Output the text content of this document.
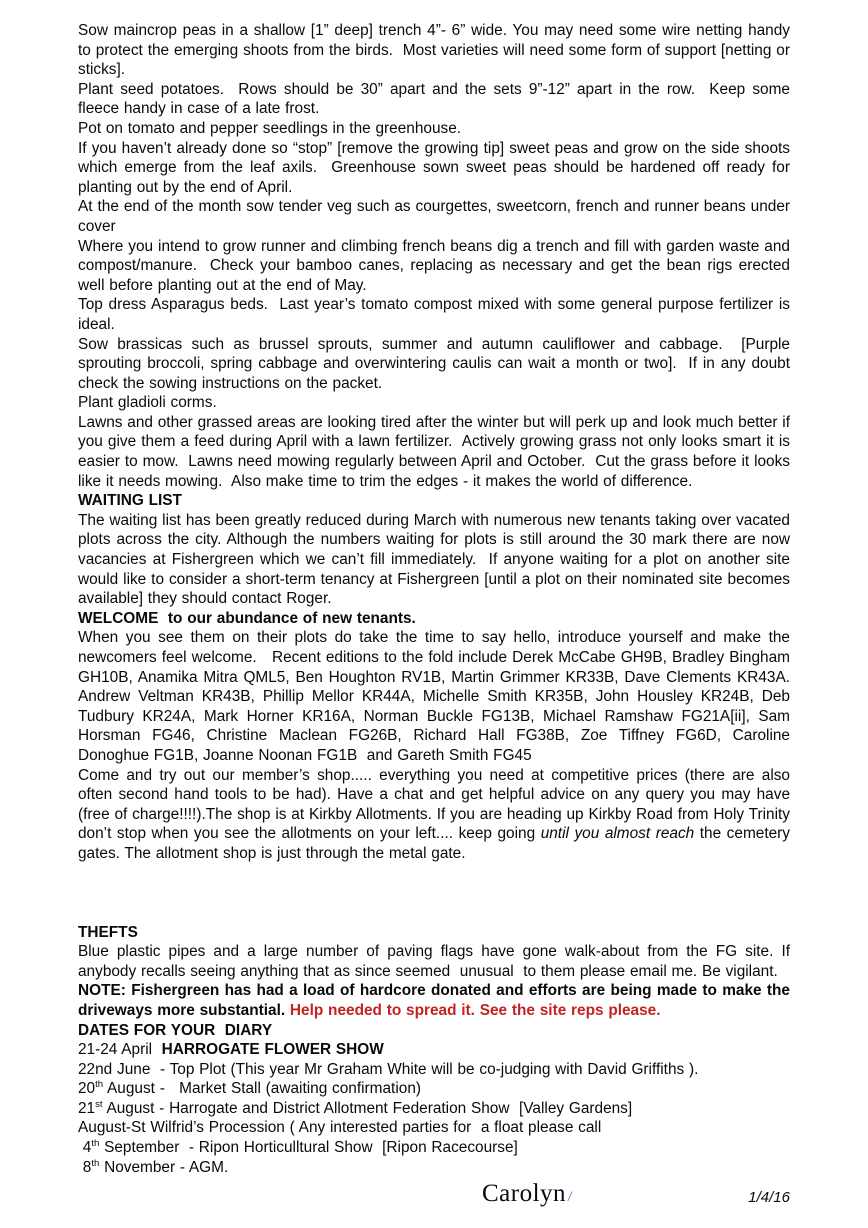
Sow maincrop peas in a shallow [1” deep] trench 4”- 6” wide. You may need some wire netting handy to protect the emerging shoots from the birds.  Most varieties will need some form of support [netting or sticks].
Plant seed potatoes.  Rows should be 30” apart and the sets 9”-12” apart in the row.  Keep some fleece handy in case of a late frost.
Pot on tomato and pepper seedlings in the greenhouse.
If you haven’t already done so “stop” [remove the growing tip] sweet peas and grow on the side shoots which emerge from the leaf axils.  Greenhouse sown sweet peas should be hardened off ready for planting out by the end of April.
At the end of the month sow tender veg such as courgettes, sweetcorn, french and runner beans under cover
Where you intend to grow runner and climbing french beans dig a trench and fill with garden waste and compost/manure.  Check your bamboo canes, replacing as necessary and get the bean rigs erected well before planting out at the end of May.
Top dress Asparagus beds.  Last year’s tomato compost mixed with some general purpose fertilizer is ideal.
Sow brassicas such as brussel sprouts, summer and autumn cauliflower and cabbage.  [Purple sprouting broccoli, spring cabbage and overwintering caulis can wait a month or two].  If in any doubt check the sowing instructions on the packet.
Plant gladioli corms.
Lawns and other grassed areas are looking tired after the winter but will perk up and look much better if you give them a feed during April with a lawn fertilizer.  Actively growing grass not only looks smart it is easier to mow.  Lawns need mowing regularly between April and October.  Cut the grass before it looks like it needs mowing.  Also make time to trim the edges - it makes the world of difference.
WAITING LIST
The waiting list has been greatly reduced during March with numerous new tenants taking over vacated plots across the city. Although the numbers waiting for plots is still around the 30 mark there are now vacancies at Fishergreen which we can’t fill immediately.  If anyone waiting for a plot on another site would like to consider a short-term tenancy at Fishergreen [until a plot on their nominated site becomes available] they should contact Roger.
WELCOME  to our abundance of new tenants.
When you see them on their plots do take the time to say hello, introduce yourself and make the newcomers feel welcome.   Recent editions to the fold include Derek McCabe GH9B, Bradley Bingham GH10B, Anamika Mitra QML5, Ben Houghton RV1B, Martin Grimmer KR33B, Dave Clements KR43A. Andrew Veltman KR43B, Phillip Mellor KR44A, Michelle Smith KR35B, John Housley KR24B, Deb Tudbury KR24A, Mark Horner KR16A, Norman Buckle FG13B, Michael Ramshaw FG21A[ii], Sam Horsman FG46, Christine Maclean FG26B, Richard Hall FG38B, Zoe Tiffney FG6D, Caroline Donoghue FG1B, Joanne Noonan FG1B  and Gareth Smith FG45
Come and try out our member’s shop..... everything you need at competitive prices (there are also often second hand tools to be had). Have a chat and get helpful advice on any query you may have (free of charge!!!!).The shop is at Kirkby Allotments. If you are heading up Kirkby Road from Holy Trinity don’t stop when you see the allotments on your left.... keep going until you almost reach the cemetery gates. The allotment shop is just through the metal gate.
THEFTS
Blue plastic pipes and a large number of paving flags have gone walk-about from the FG site. If anybody recalls seeing anything that as since seemed  unusual  to them please email me. Be vigilant.
NOTE: Fishergreen has had a load of hardcore donated and efforts are being made to make the driveways more substantial. Help needed to spread it. See the site reps please.
DATES FOR YOUR  DIARY
21-24 April  HARROGATE FLOWER SHOW
22nd June  - Top Plot (This year Mr Graham White will be co-judging with David Griffiths ).
20th August -   Market Stall (awaiting confirmation)
21st August - Harrogate and District Allotment Federation Show  [Valley Gardens]
August-St Wilfrid’s Procession ( Any interested parties for  a float please call
4th September  - Ripon Horticulltural Show  [Ripon Racecourse]
8th November - AGM.
Carolyn /	1/4/16
